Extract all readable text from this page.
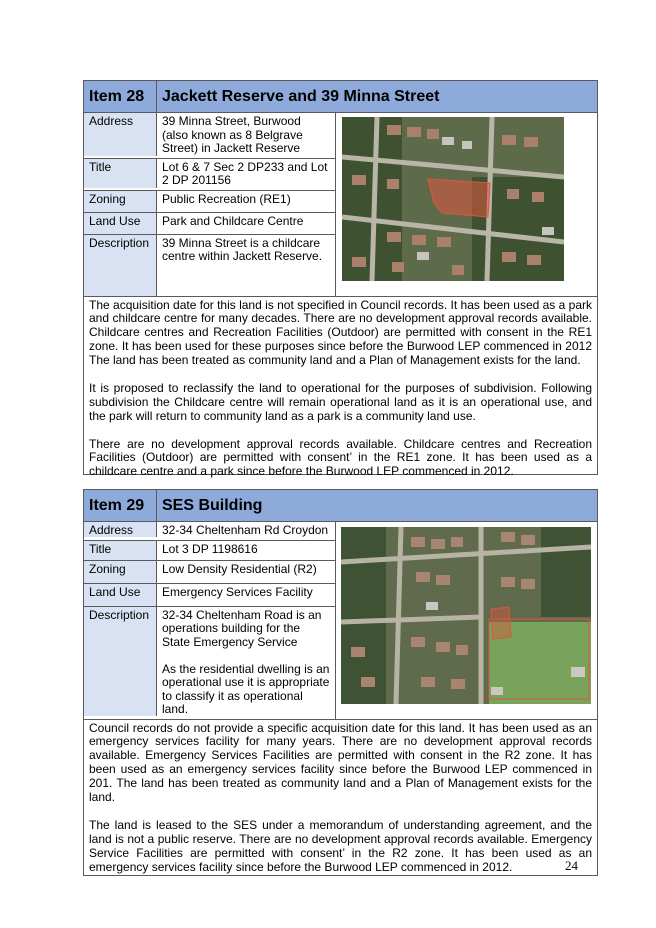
Item 28	Jackett Reserve and 39 Minna Street
Address	39 Minna Street, Burwood (also known as 8 Belgrave Street) in Jackett Reserve
Title	Lot 6 & 7 Sec 2 DP233 and Lot 2 DP 201156
Zoning	Public Recreation (RE1)
Land Use	Park and Childcare Centre
Description	39 Minna Street is a childcare centre within Jackett Reserve.

The acquisition date for this land is not specified in Council records. It has been used as a park and childcare centre for many decades. There are no development approval records available. Childcare centres and Recreation Facilities (Outdoor) are permitted with consent in the RE1 zone. It has been used for these purposes since before the Burwood LEP commenced in 2012 The land has been treated as community land and a Plan of Management exists for the land.

It is proposed to reclassify the land to operational for the purposes of subdivision. Following subdivision the Childcare centre will remain operational land as it is an operational use, and the park will return to community land as a park is a community land use.

There are no development approval records available. Childcare centres and Recreation Facilities (Outdoor) are permitted with consent’ in the RE1 zone. It has been used as a childcare centre and a park since before the Burwood LEP commenced in 2012.

Item 29	SES Building
Address	32-34 Cheltenham Rd Croydon
Title	Lot 3 DP 1198616
Zoning	Low Density Residential (R2)
Land Use	Emergency Services Facility
Description	32-34 Cheltenham Road is an operations building for the State Emergency Service
As the residential dwelling is an operational use it is appropriate to classify it as operational land.

Council records do not provide a specific acquisition date for this land. It has been used as an emergency services facility for many years. There are no development approval records available. Emergency Services Facilities are permitted with consent in the R2 zone. It has been used as an emergency services facility since before the Burwood LEP commenced in 201. The land has been treated as community land and a Plan of Management exists for the land.

The land is leased to the SES under a memorandum of understanding agreement, and the land is not a public reserve. There are no development approval records available. Emergency Service Facilities are permitted with consent’ in the R2 zone. It has been used as an emergency services facility since before the Burwood LEP commenced in 2012.	24
